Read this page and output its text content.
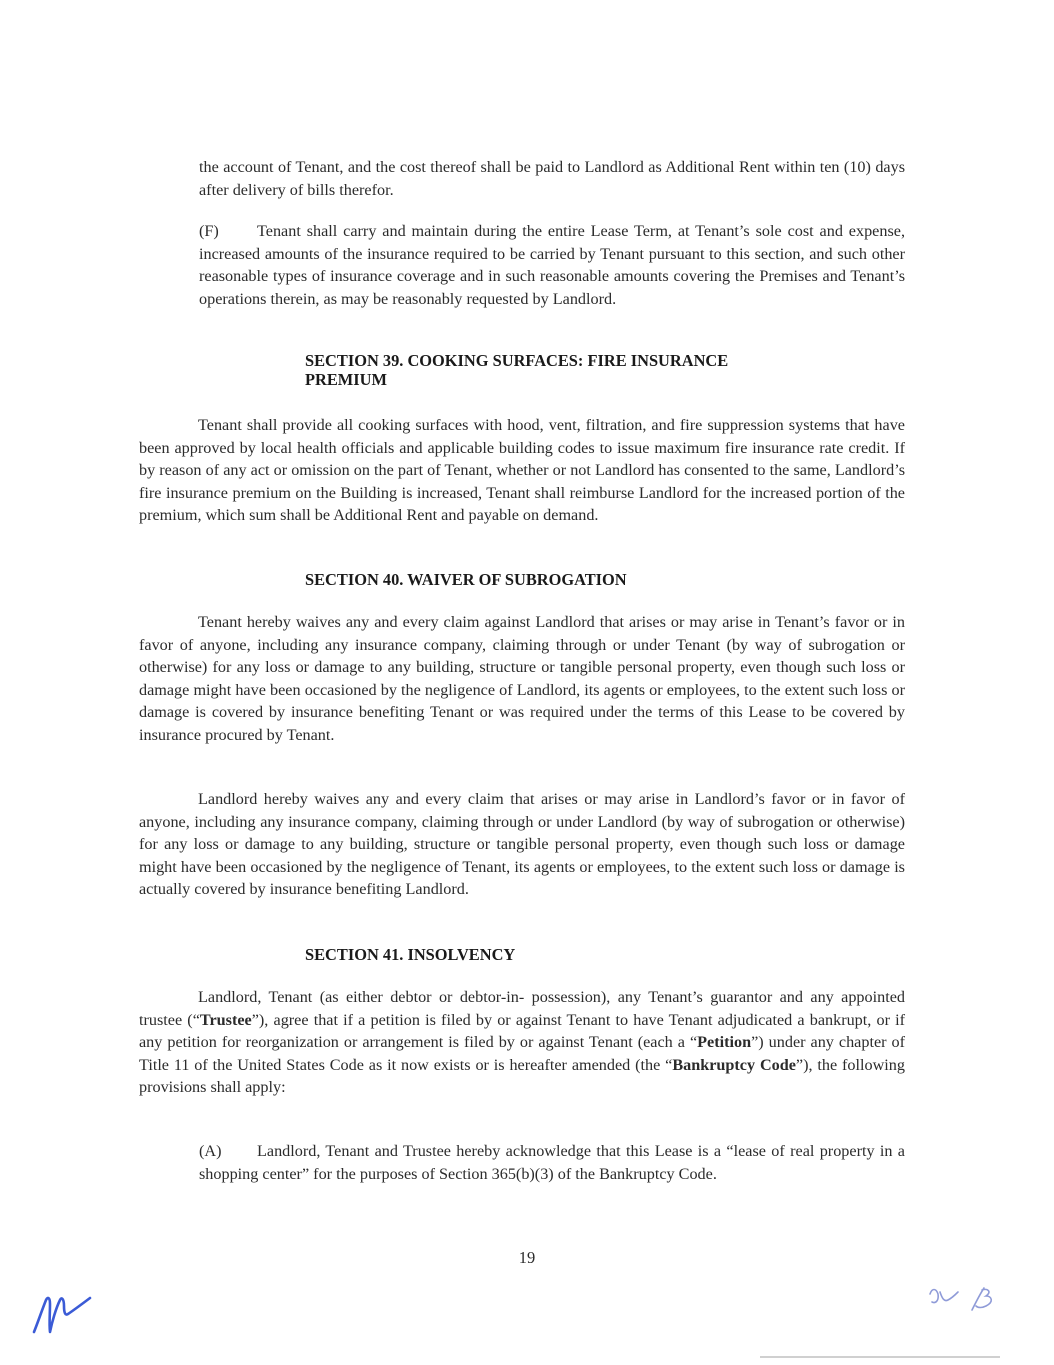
the account of Tenant, and the cost thereof shall be paid to Landlord as Additional Rent within ten (10) days after delivery of bills therefor.

(F) Tenant shall carry and maintain during the entire Lease Term, at Tenant’s sole cost and expense, increased amounts of the insurance required to be carried by Tenant pursuant to this section, and such other reasonable types of insurance coverage and in such reasonable amounts covering the Premises and Tenant’s operations therein, as may be reasonably requested by Landlord.

SECTION 39. COOKING SURFACES: FIRE INSURANCE
PREMIUM

Tenant shall provide all cooking surfaces with hood, vent, filtration, and fire suppression systems that have been approved by local health officials and applicable building codes to issue maximum fire insurance rate credit. If by reason of any act or omission on the part of Tenant, whether or not Landlord has consented to the same, Landlord’s fire insurance premium on the Building is increased, Tenant shall reimburse Landlord for the increased portion of the premium, which sum shall be Additional Rent and payable on demand.

SECTION 40. WAIVER OF SUBROGATION

Tenant hereby waives any and every claim against Landlord that arises or may arise in Tenant’s favor or in favor of anyone, including any insurance company, claiming through or under Tenant (by way of subrogation or otherwise) for any loss or damage to any building, structure or tangible personal property, even though such loss or damage might have been occasioned by the negligence of Landlord, its agents or employees, to the extent such loss or damage is covered by insurance benefiting Tenant or was required under the terms of this Lease to be covered by insurance procured by Tenant.

Landlord hereby waives any and every claim that arises or may arise in Landlord’s favor or in favor of anyone, including any insurance company, claiming through or under Landlord (by way of subrogation or otherwise) for any loss or damage to any building, structure or tangible personal property, even though such loss or damage might have been occasioned by the negligence of Tenant, its agents or employees, to the extent such loss or damage is actually covered by insurance benefiting Landlord.

SECTION 41. INSOLVENCY

Landlord, Tenant (as either debtor or debtor-in- possession), any Tenant’s guarantor and any appointed trustee (“Trustee”), agree that if a petition is filed by or against Tenant to have Tenant adjudicated a bankrupt, or if any petition for reorganization or arrangement is filed by or against Tenant (each a “Petition”) under any chapter of Title 11 of the United States Code as it now exists or is hereafter amended (the “Bankruptcy Code”), the following provisions shall apply:

(A) Landlord, Tenant and Trustee hereby acknowledge that this Lease is a “lease of real property in a shopping center” for the purposes of Section 365(b)(3) of the Bankruptcy Code.

19
